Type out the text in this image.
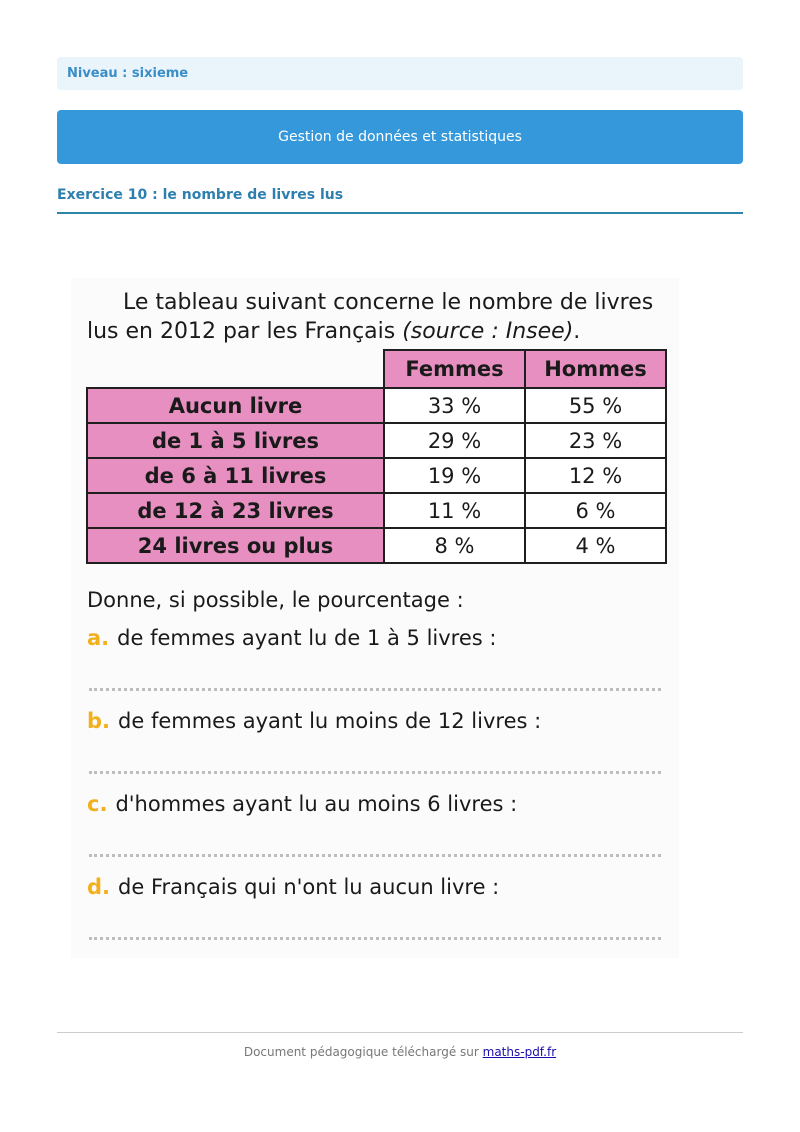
Niveau : sixieme
Gestion de données et statistiques
Exercice 10 : le nombre de livres lus

Le tableau suivant concerne le nombre de livres lus en 2012 par les Français (source : Insee).

	Femmes	Hommes
Aucun livre	33 %	55 %
de 1 à 5 livres	29 %	23 %
de 6 à 11 livres	19 %	12 %
de 12 à 23 livres	11 %	6 %
24 livres ou plus	8 %	4 %

Donne, si possible, le pourcentage :

a. de femmes ayant lu de 1 à 5 livres :
b. de femmes ayant lu moins de 12 livres :
c. d'hommes ayant lu au moins 6 livres :
d. de Français qui n'ont lu aucun livre :
Document pédagogique téléchargé sur maths-pdf.fr
